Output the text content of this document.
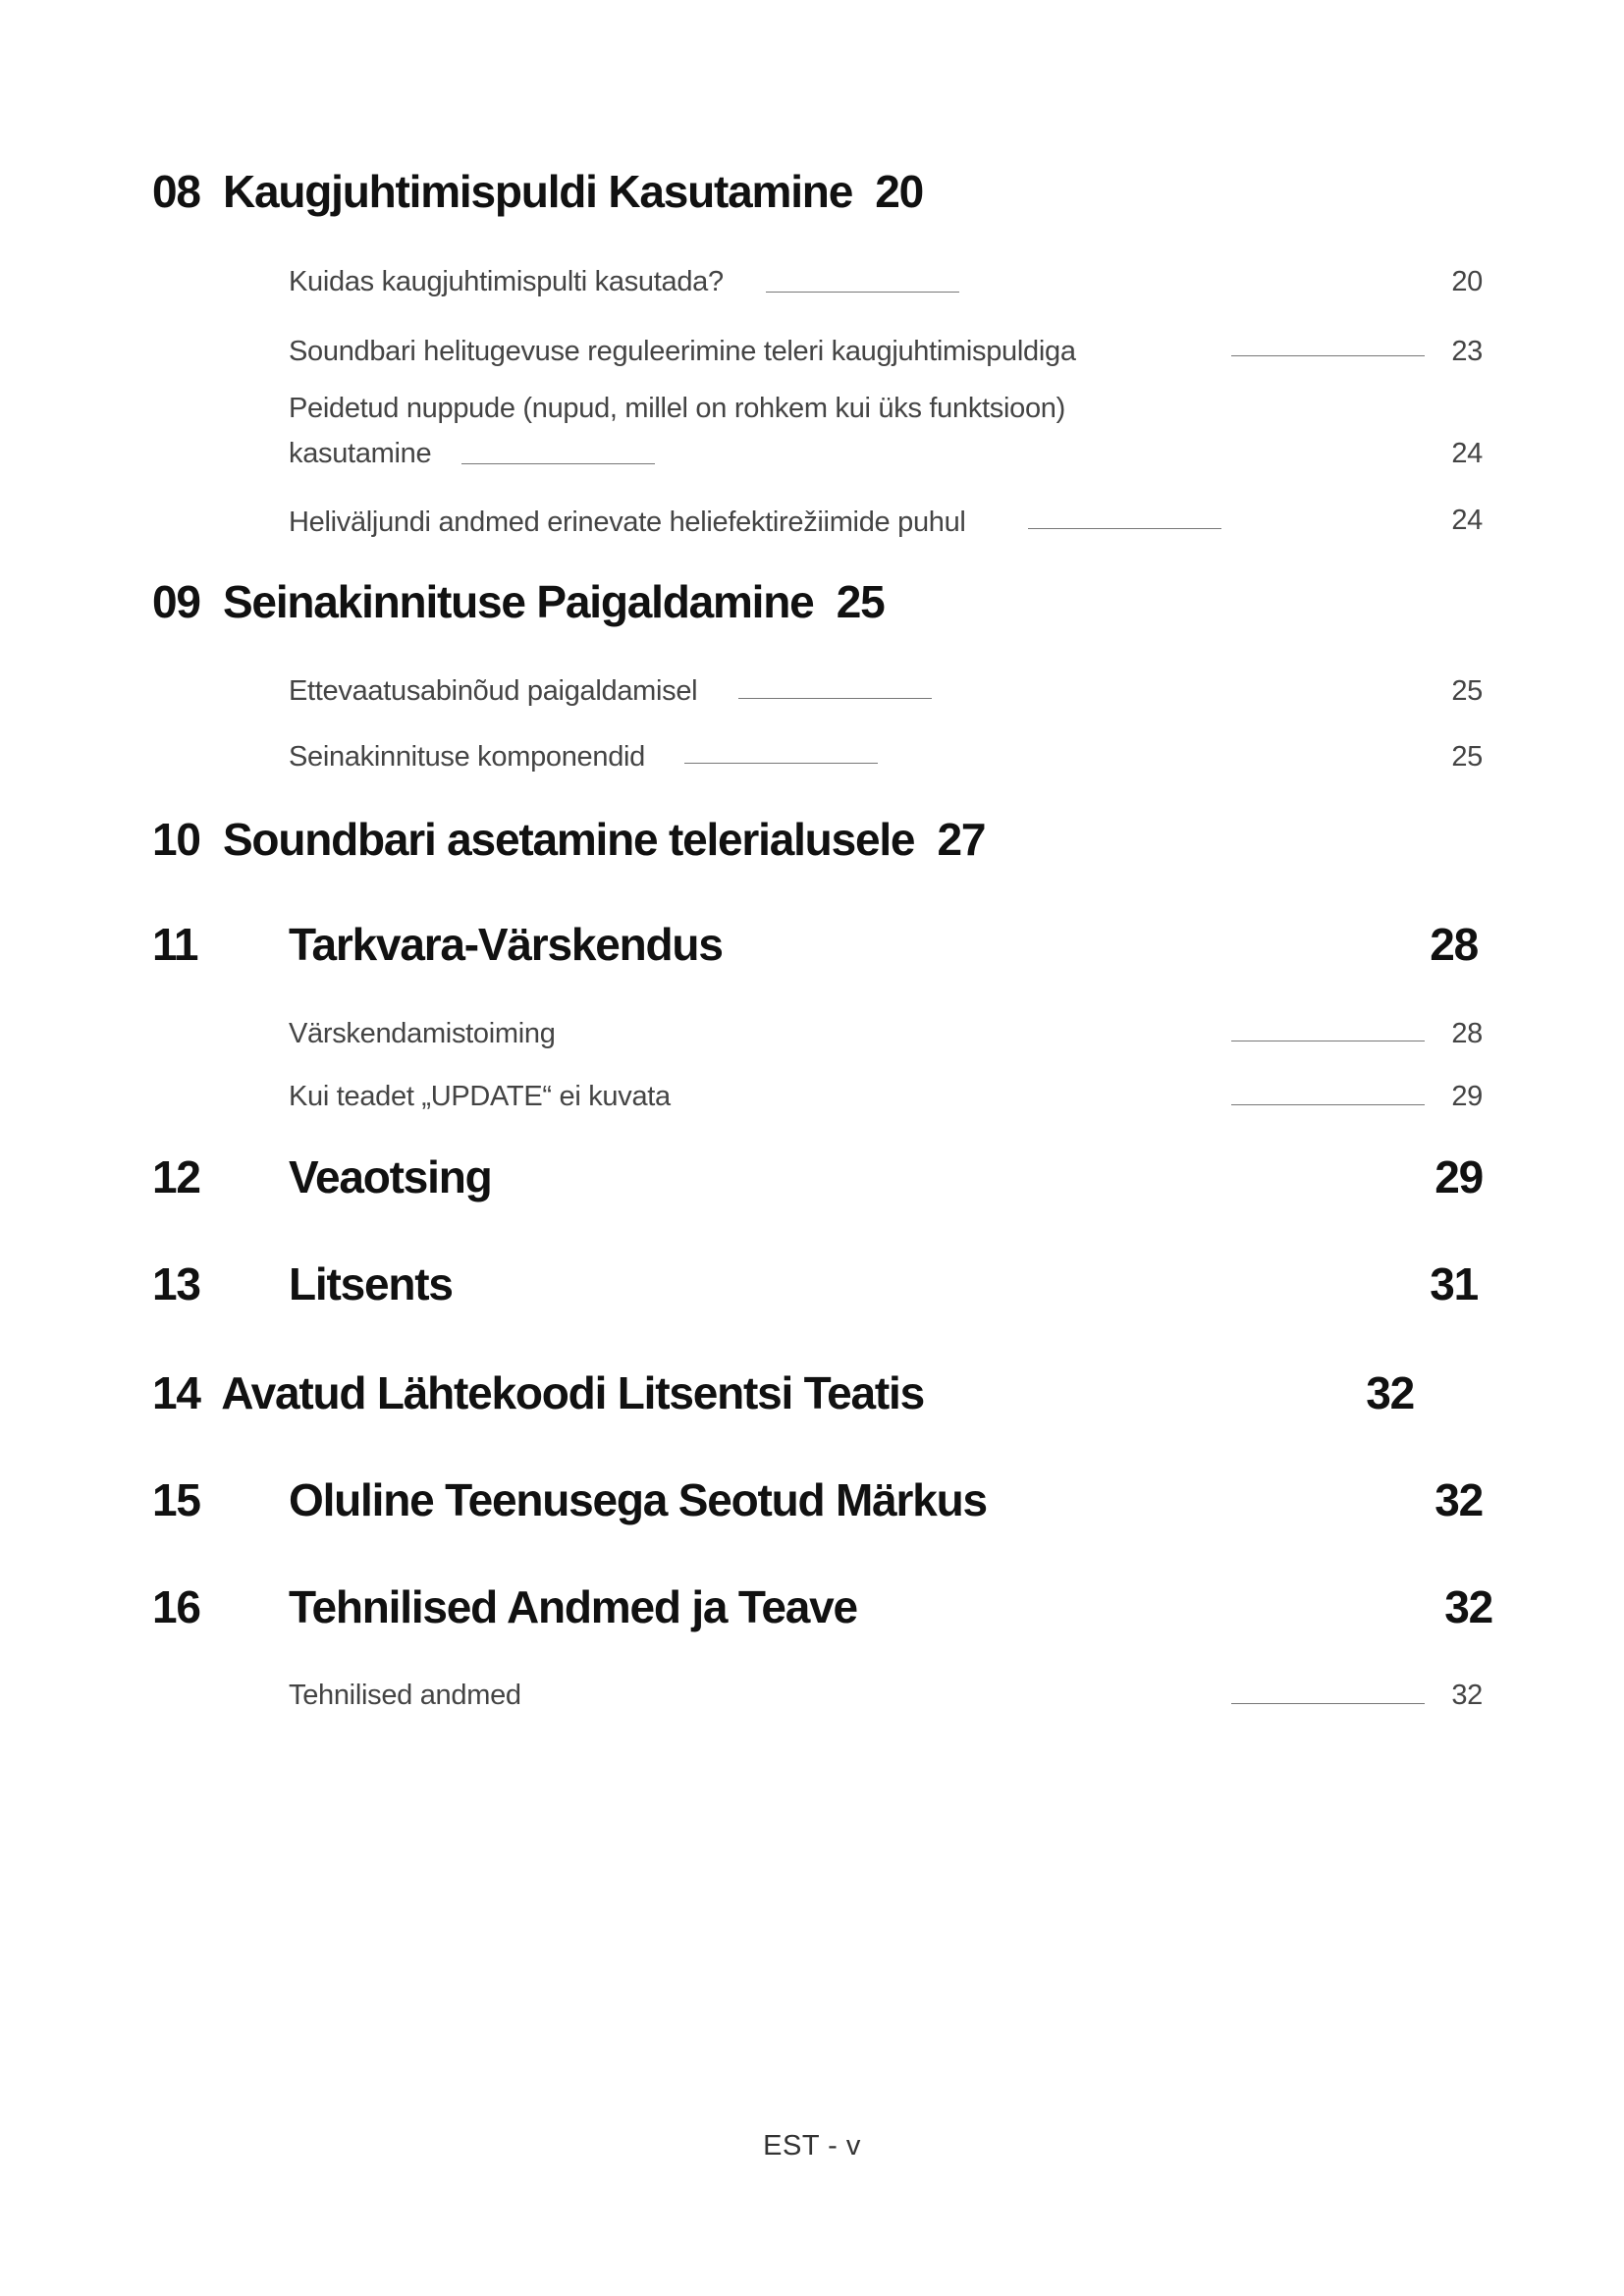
08 Kaugjuhtimispuldi Kasutamine 20
Kuidas kaugjuhtimispulti kasutada?	20
Soundbari helitugevuse reguleerimine teleri kaugjuhtimispuldiga	23
Peidetud nuppude (nupud, millel on rohkem kui üks funktsioon)
kasutamine	24
Heliväljundi andmed erinevate heliefektirežiimide puhul	24
09 Seinakinnituse Paigaldamine 25
Ettevaatusabinõud paigaldamisel	25
Seinakinnituse komponendid	25
10 Soundbari asetamine telerialusele 27
11 Tarkvara-Värskendus	28
Värskendamistoiming	28
Kui teadet „UPDATE“ ei kuvata	29
12 Veaotsing	29
13 Litsents	31
14 Avatud Lähtekoodi Litsentsi Teatis	32
15 Oluline Teenusega Seotud Märkus	32
16 Tehnilised Andmed ja Teave	32
Tehnilised andmed	32
EST - v
